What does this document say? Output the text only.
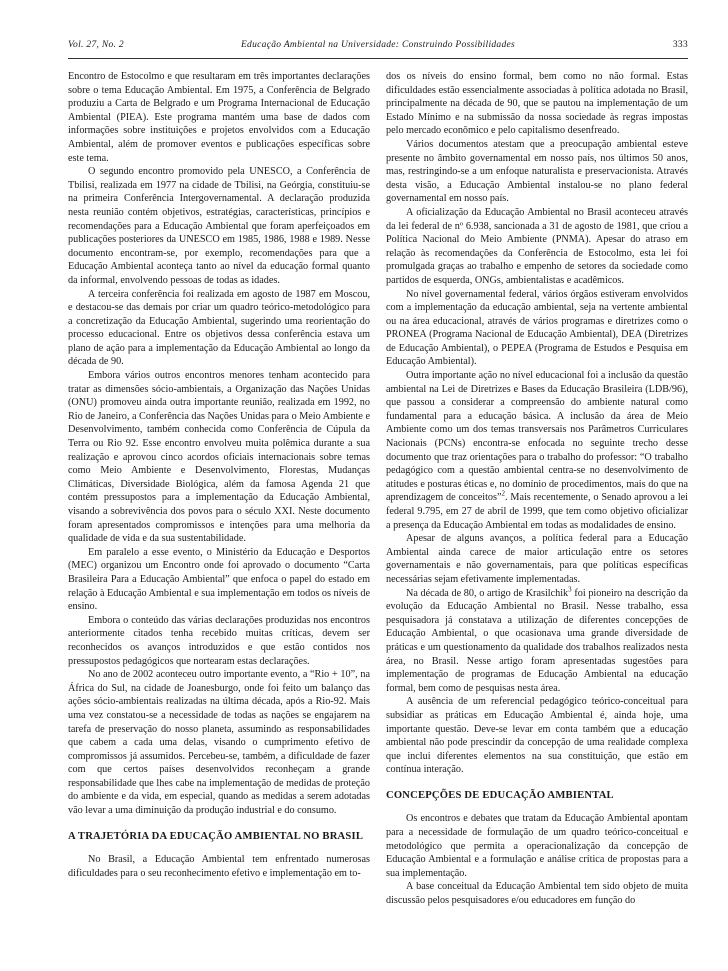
Vol. 27, No. 2	Educação Ambiental na Universidade: Construindo Possibilidades	333

Encontro de Estocolmo e que resultaram em três importantes declarações sobre o tema Educação Ambiental. Em 1975, a Conferência de Belgrado produziu a Carta de Belgrado e um Programa Internacional de Educação Ambiental (PIEA). Este programa mantém uma base de dados com informações sobre instituições e projetos envolvidos com a Educação Ambiental, além de promover eventos e publicações específicas sobre este tema.

O segundo encontro promovido pela UNESCO, a Conferência de Tbilisi, realizada em 1977 na cidade de Tbilisi, na Geórgia, constituiu-se na primeira Conferência Intergovernamental. A declaração produzida nesta reunião contém objetivos, estratégias, características, princípios e recomendações para a Educação Ambiental que foram aperfeiçoados em publicações posteriores da UNESCO em 1985, 1986, 1988 e 1989. Nesse documento encontram-se, por exemplo, recomendações para que a Educação Ambiental aconteça tanto ao nível da educação formal quanto da informal, envolvendo pessoas de todas as idades.

A terceira conferência foi realizada em agosto de 1987 em Moscou, e destacou-se das demais por criar um quadro teórico-metodológico para a concretização da Educação Ambiental, sugerindo uma reorientação do processo educacional. Entre os objetivos dessa conferência estava um plano de ação para a implementação da Educação Ambiental ao longo da década de 90.

Embora vários outros encontros menores tenham acontecido para tratar as dimensões sócio-ambientais, a Organização das Nações Unidas (ONU) promoveu ainda outra importante reunião, realizada em 1992, no Rio de Janeiro, a Conferência das Nações Unidas para o Meio Ambiente e Desenvolvimento, também conhecida como Conferência de Cúpula da Terra ou Rio 92. Esse encontro envolveu muita polêmica durante a sua realização e aprovou cinco acordos oficiais internacionais sobre temas como Meio Ambiente e Desenvolvimento, Florestas, Mudanças Climáticas, Diversidade Biológica, além da famosa Agenda 21 que contém pressupostos para a implementação da Educação Ambiental, visando a sobrevivência dos povos para o século XXI. Neste documento foram apresentados compromissos e intenções para uma melhoria da qualidade de vida e da sua sustentabilidade.

Em paralelo a esse evento, o Ministério da Educação e Desportos (MEC) organizou um Encontro onde foi aprovado o documento “Carta Brasileira Para a Educação Ambiental” que enfoca o papel do estado em relação à Educação Ambiental e sua implementação em todos os níveis de ensino.

Embora o conteúdo das várias declarações produzidas nos encontros anteriormente citados tenha recebido muitas críticas, devem ser reconhecidos os avanços introduzidos e que estão contidos nos pressupostos pedagógicos que nortearam estas declarações.

No ano de 2002 aconteceu outro importante evento, a “Rio + 10”, na África do Sul, na cidade de Joanesburgo, onde foi feito um balanço das ações sócio-ambientais realizadas na última década, após a Rio-92. Mais uma vez constatou-se a necessidade de todas as nações se engajarem na tarefa de preservação do nosso planeta, assumindo as responsabilidades que cabem a cada uma delas, visando o cumprimento efetivo de compromissos já assumidos. Percebeu-se, também, a dificuldade de fazer com que certos países desenvolvidos reconheçam a grande responsabilidade que lhes cabe na implementação de medidas de proteção do ambiente e da vida, em especial, quando as medidas a serem adotadas vão levar a uma diminuição da produção industrial e do consumo.

A TRAJETÓRIA DA EDUCAÇÃO AMBIENTAL NO BRASIL

No Brasil, a Educação Ambiental tem enfrentado numerosas dificuldades para o seu reconhecimento efetivo e implementação em to-

dos os níveis do ensino formal, bem como no não formal. Estas dificuldades estão essencialmente associadas à política adotada no Brasil, principalmente na década de 90, que se pautou na implementação de um Estado Mínimo e na submissão da nossa sociedade às regras impostas pelo mercado econômico e pelo capitalismo desenfreado.

Vários documentos atestam que a preocupação ambiental esteve presente no âmbito governamental em nosso país, nos últimos 50 anos, mas, restringindo-se a um enfoque naturalista e preservacionista. Através desta visão, a Educação Ambiental instalou-se no plano federal governamental em nosso país.

A oficialização da Educação Ambiental no Brasil aconteceu através da lei federal de nº 6.938, sancionada a 31 de agosto de 1981, que criou a Política Nacional do Meio Ambiente (PNMA). Apesar do atraso em relação às recomendações da Conferência de Estocolmo, esta lei foi promulgada graças ao trabalho e empenho de setores da sociedade como partidos de esquerda, ONGs, ambientalistas e acadêmicos.

No nível governamental federal, vários órgãos estiveram envolvidos com a implementação da educação ambiental, seja na vertente ambiental ou na área educacional, através de vários programas e diretrizes como o PRONEA (Programa Nacional de Educação Ambiental), DEA (Diretrizes de Educação Ambiental), o PEPEA (Programa de Estudos e Pesquisa em Educação Ambiental).

Outra importante ação no nível educacional foi a inclusão da questão ambiental na Lei de Diretrizes e Bases da Educação Brasileira (LDB/96), que passou a considerar a compreensão do ambiente natural como fundamental para a educação básica. A inclusão da área de Meio Ambiente como um dos temas transversais nos Parâmetros Curriculares Nacionais (PCNs) encontra-se enfocada no seguinte trecho desse documento que traz orientações para o trabalho do professor: “O trabalho pedagógico com a questão ambiental centra-se no desenvolvimento de atitudes e posturas éticas e, no domínio de procedimentos, mais do que na aprendizagem de conceitos”$^2$. Mais recentemente, o Senado aprovou a lei federal 9.795, em 27 de abril de 1999, que tem como objetivo oficializar a presença da Educação Ambiental em todas as modalidades de ensino.

Apesar de alguns avanços, a política federal para a Educação Ambiental ainda carece de maior articulação entre os setores governamentais e não governamentais, para que políticas específicas necessárias sejam efetivamente implementadas.

Na década de 80, o artigo de Krasilchik$^3$ foi pioneiro na descrição da evolução da Educação Ambiental no Brasil. Nesse trabalho, essa pesquisadora já constatava a utilização de diferentes concepções de Educação Ambiental, o que ocasionava uma grande diversidade de práticas e um questionamento da qualidade dos trabalhos realizados nesta área, no Brasil. Nesse artigo foram apresentadas sugestões para implementação de programas de Educação Ambiental na educação formal, bem como de pesquisas nesta área.

A ausência de um referencial pedagógico teórico-conceitual para subsidiar as práticas em Educação Ambiental é, ainda hoje, uma importante questão. Deve-se levar em conta também que a educação ambiental não pode prescindir da concepção de uma realidade complexa que inclui diferentes elementos na sua constituição, que estão em contínua interação.

CONCEPÇÕES DE EDUCAÇÃO AMBIENTAL

Os encontros e debates que tratam da Educação Ambiental apontam para a necessidade de formulação de um quadro teórico-conceitual e metodológico que permita a operacionalização da concepção de Educação Ambiental e a formulação e análise crítica de propostas para a sua implementação.

A base conceitual da Educação Ambiental tem sido objeto de muita discussão pelos pesquisadores e/ou educadores em função do
